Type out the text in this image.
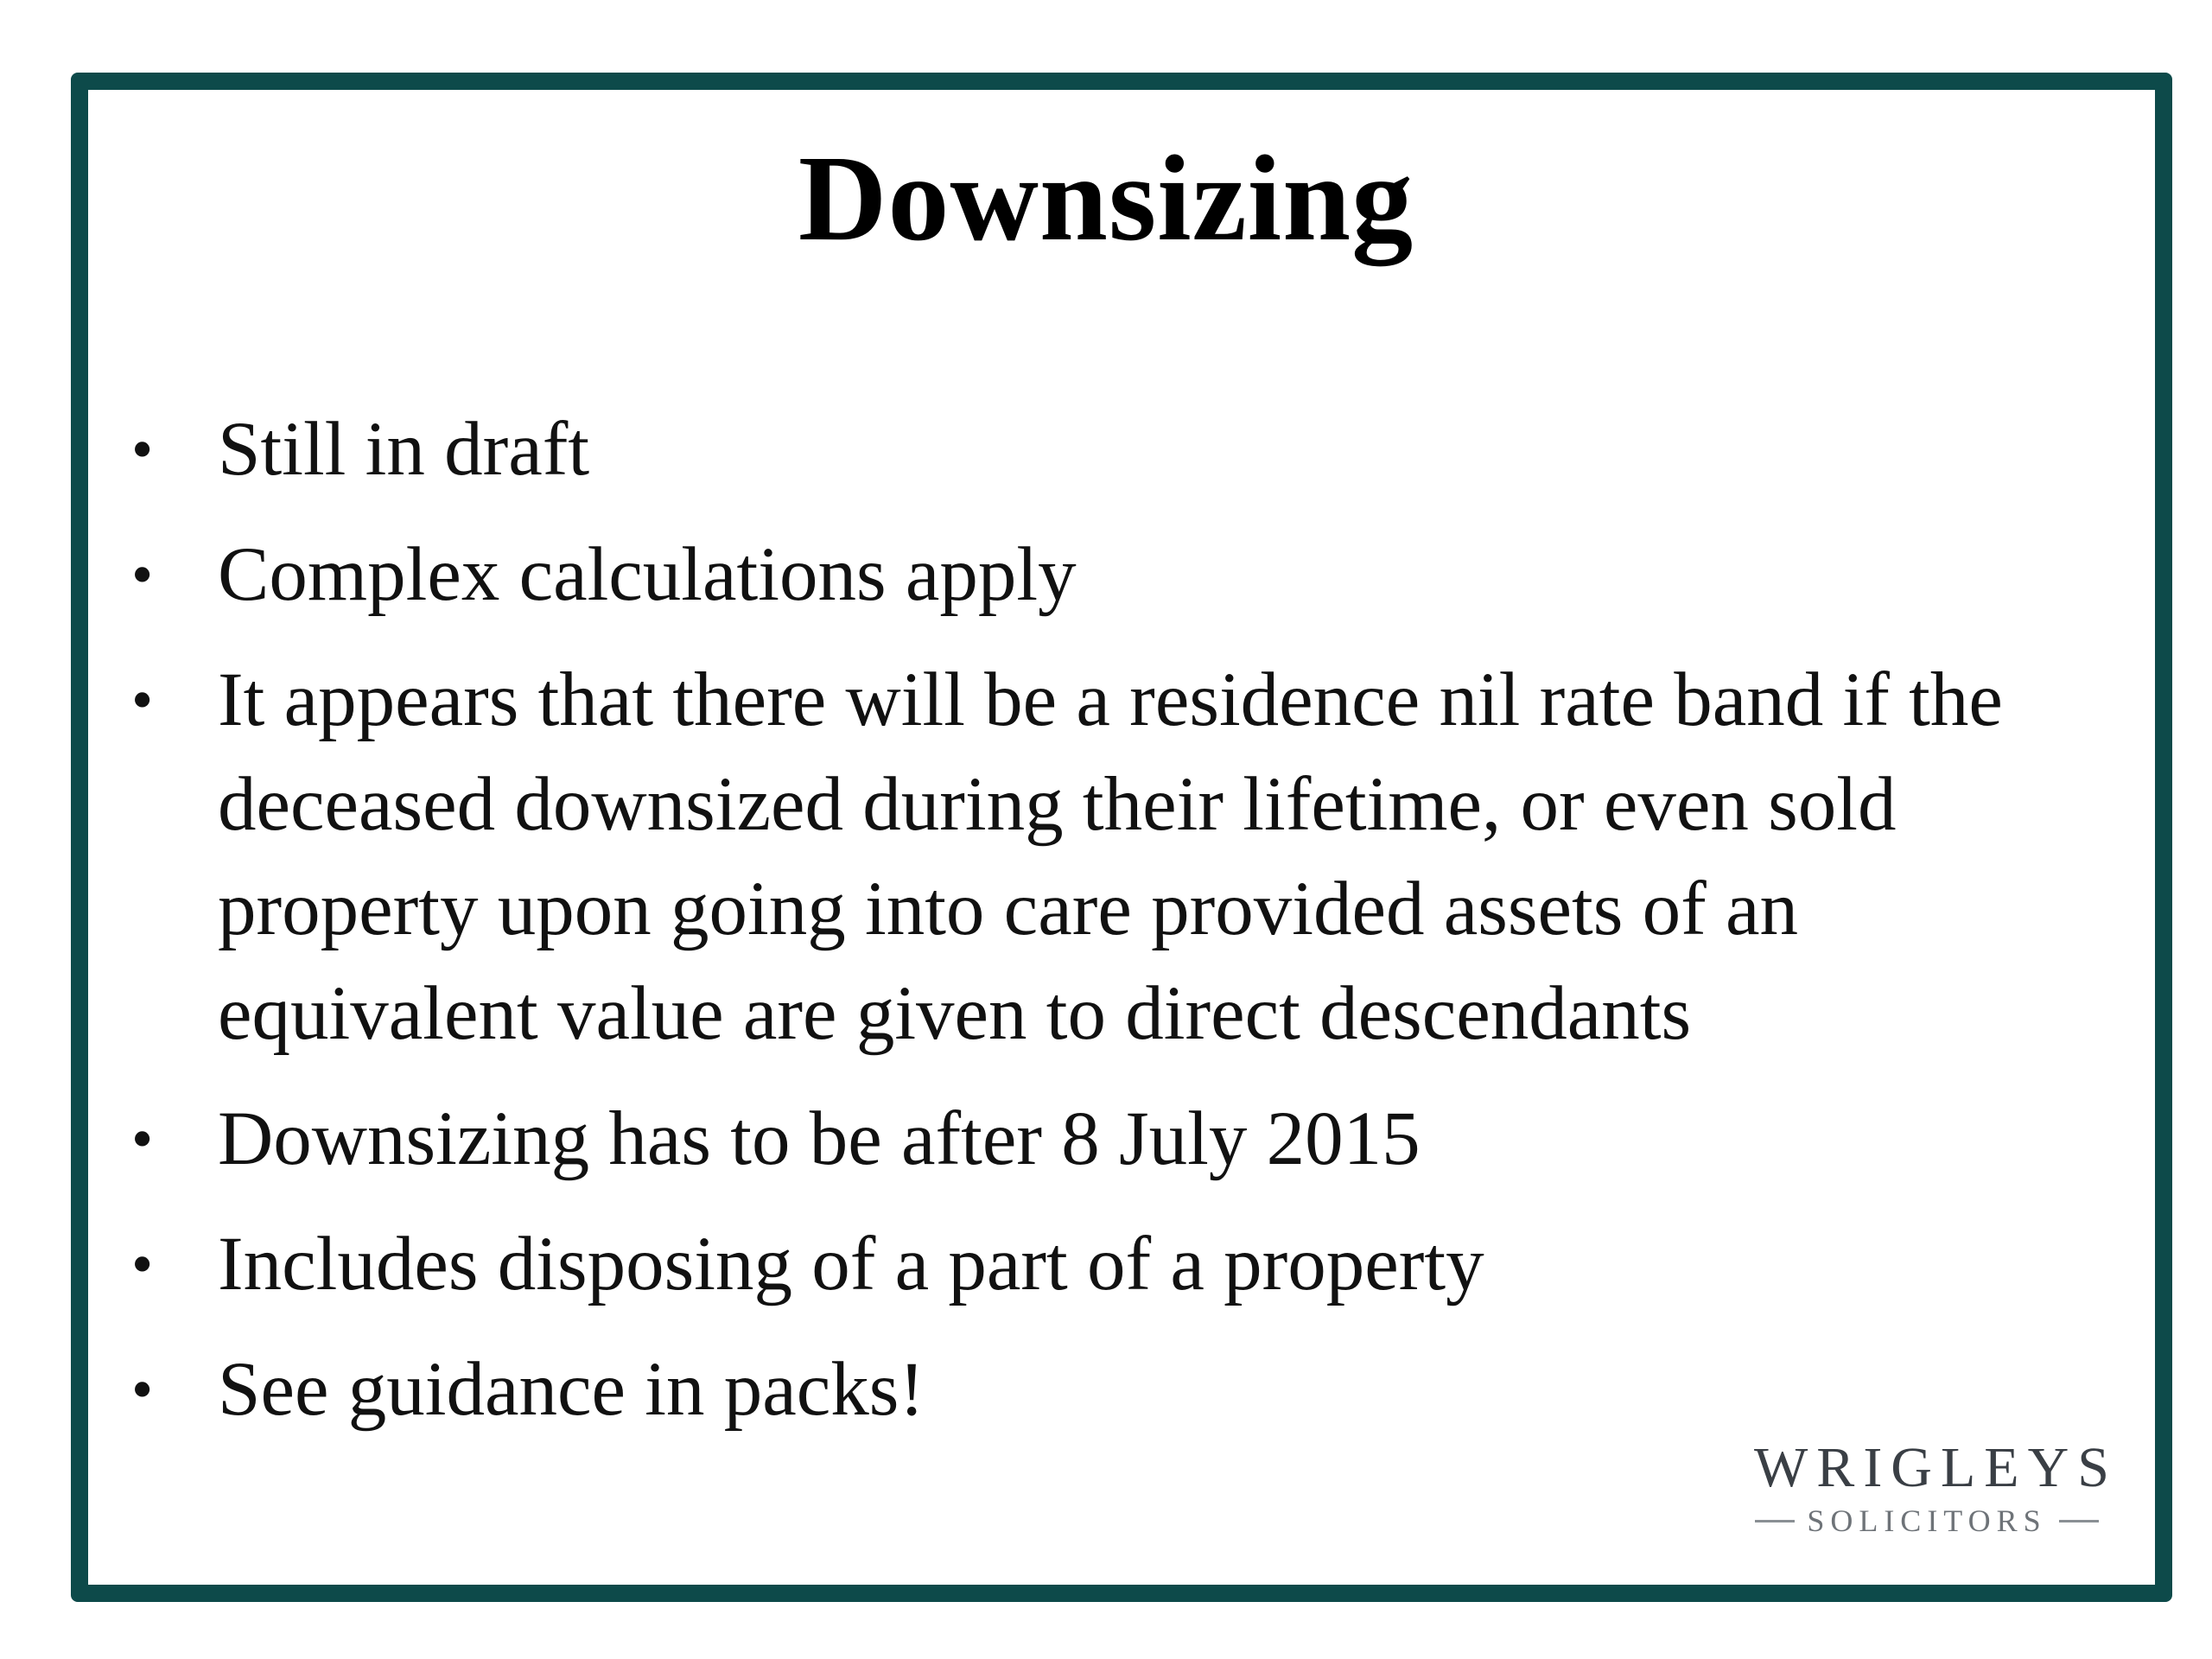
Downsizing
• Still in draft
• Complex calculations apply
• It appears that there will be a residence nil rate band if the deceased downsized during their lifetime, or even sold property upon going into care provided assets of an equivalent value are given to direct descendants
• Downsizing has to be after 8 July 2015
• Includes disposing of a part of a property
• See guidance in packs!
WRIGLEYS
SOLICITORS
